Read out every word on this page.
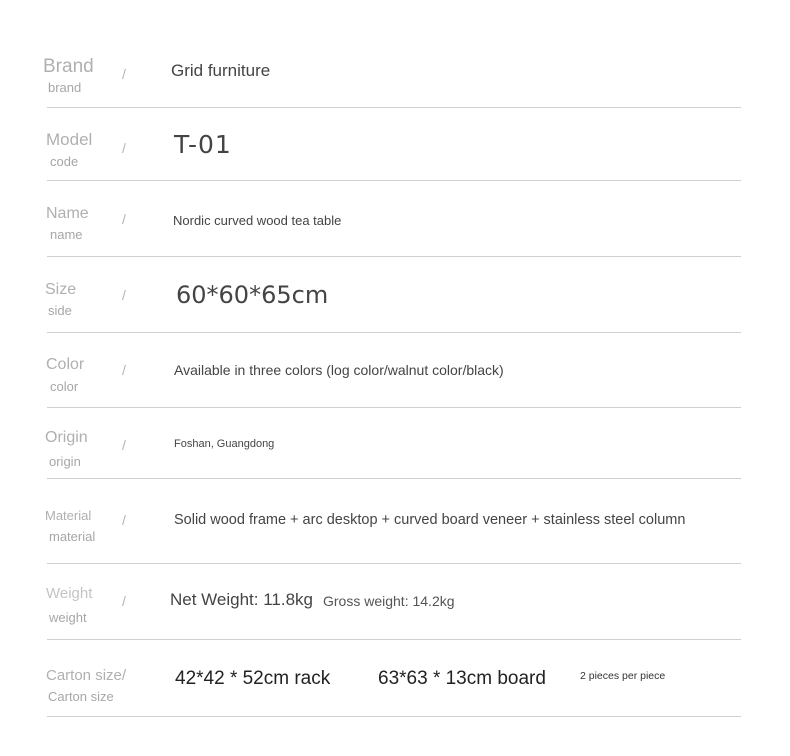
Brand
brand
/	Grid furniture
Model
code
/ T-01
Name
name
/	Nordic curved wood tea table
Size
side
/ 60*60*65cm
Color
color
/	Available in three colors (log color/walnut color/black)
Origin
origin
/	Foshan, Guangdong
Material
material
/	Solid wood frame + arc desktop + curved board veneer + stainless steel column
Weight
weight
/	Net Weight: 11.8kg Gross weight: 14.2kg
Carton size/
Carton size
42*42 * 52cm rack	63*63 * 13cm board	2 pieces per piece
